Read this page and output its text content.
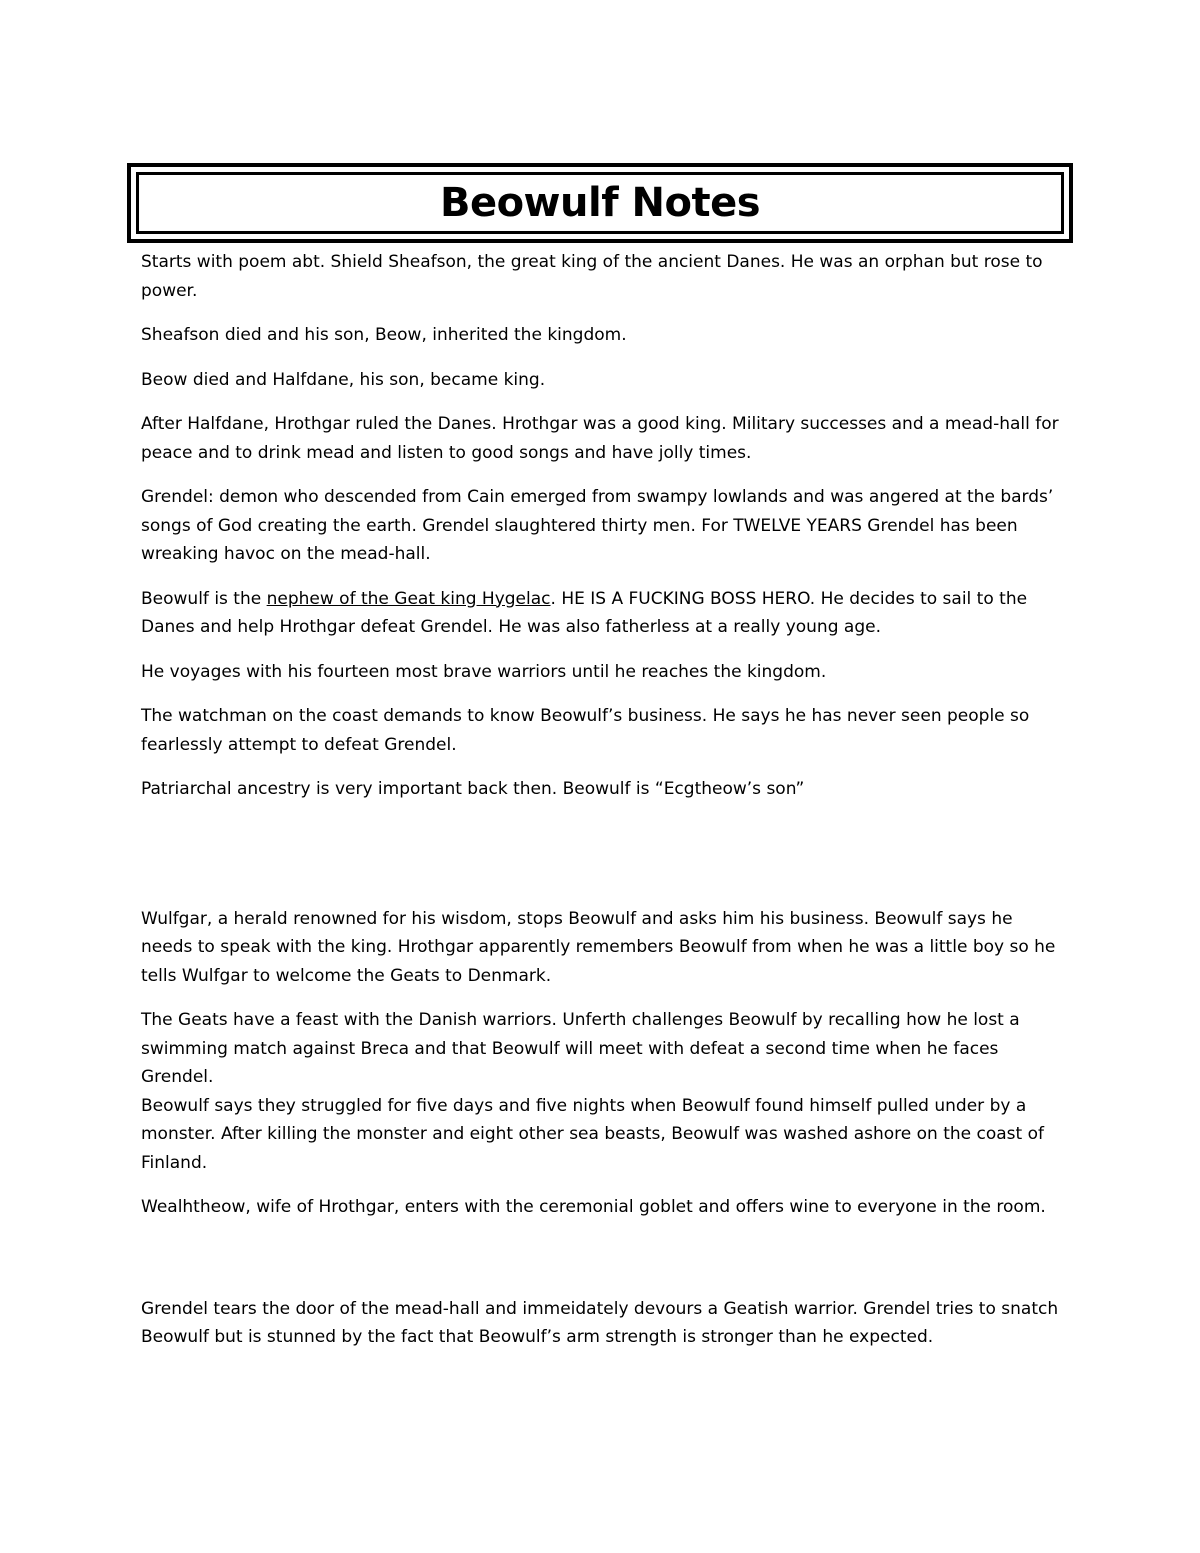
Beowulf Notes

Starts with poem abt. Shield Sheafson, the great king of the ancient Danes. He was an orphan but rose to power.

Sheafson died and his son, Beow, inherited the kingdom.

Beow died and Halfdane, his son, became king.

After Halfdane, Hrothgar ruled the Danes. Hrothgar was a good king. Military successes and a mead-hall for peace and to drink mead and listen to good songs and have jolly times.

Grendel: demon who descended from Cain emerged from swampy lowlands and was angered at the bards’ songs of God creating the earth. Grendel slaughtered thirty men. For TWELVE YEARS Grendel has been wreaking havoc on the mead-hall.

Beowulf is the nephew of the Geat king Hygelac. HE IS A FUCKING BOSS HERO. He decides to sail to the Danes and help Hrothgar defeat Grendel. He was also fatherless at a really young age.

He voyages with his fourteen most brave warriors until he reaches the kingdom.

The watchman on the coast demands to know Beowulf’s business. He says he has never seen people so fearlessly attempt to defeat Grendel.

Patriarchal ancestry is very important back then. Beowulf is “Ecgtheow’s son”

Wulfgar, a herald renowned for his wisdom, stops Beowulf and asks him his business. Beowulf says he needs to speak with the king. Hrothgar apparently remembers Beowulf from when he was a little boy so he tells Wulfgar to welcome the Geats to Denmark.

The Geats have a feast with the Danish warriors. Unferth challenges Beowulf by recalling how he lost a swimming match against Breca and that Beowulf will meet with defeat a second time when he faces Grendel.

Beowulf says they struggled for five days and five nights when Beowulf found himself pulled under by a monster. After killing the monster and eight other sea beasts, Beowulf was washed ashore on the coast of Finland.

Wealhtheow, wife of Hrothgar, enters with the ceremonial goblet and offers wine to everyone in the room.

Grendel tears the door of the mead-hall and immeidately devours a Geatish warrior. Grendel tries to snatch Beowulf but is stunned by the fact that Beowulf’s arm strength is stronger than he expected.
